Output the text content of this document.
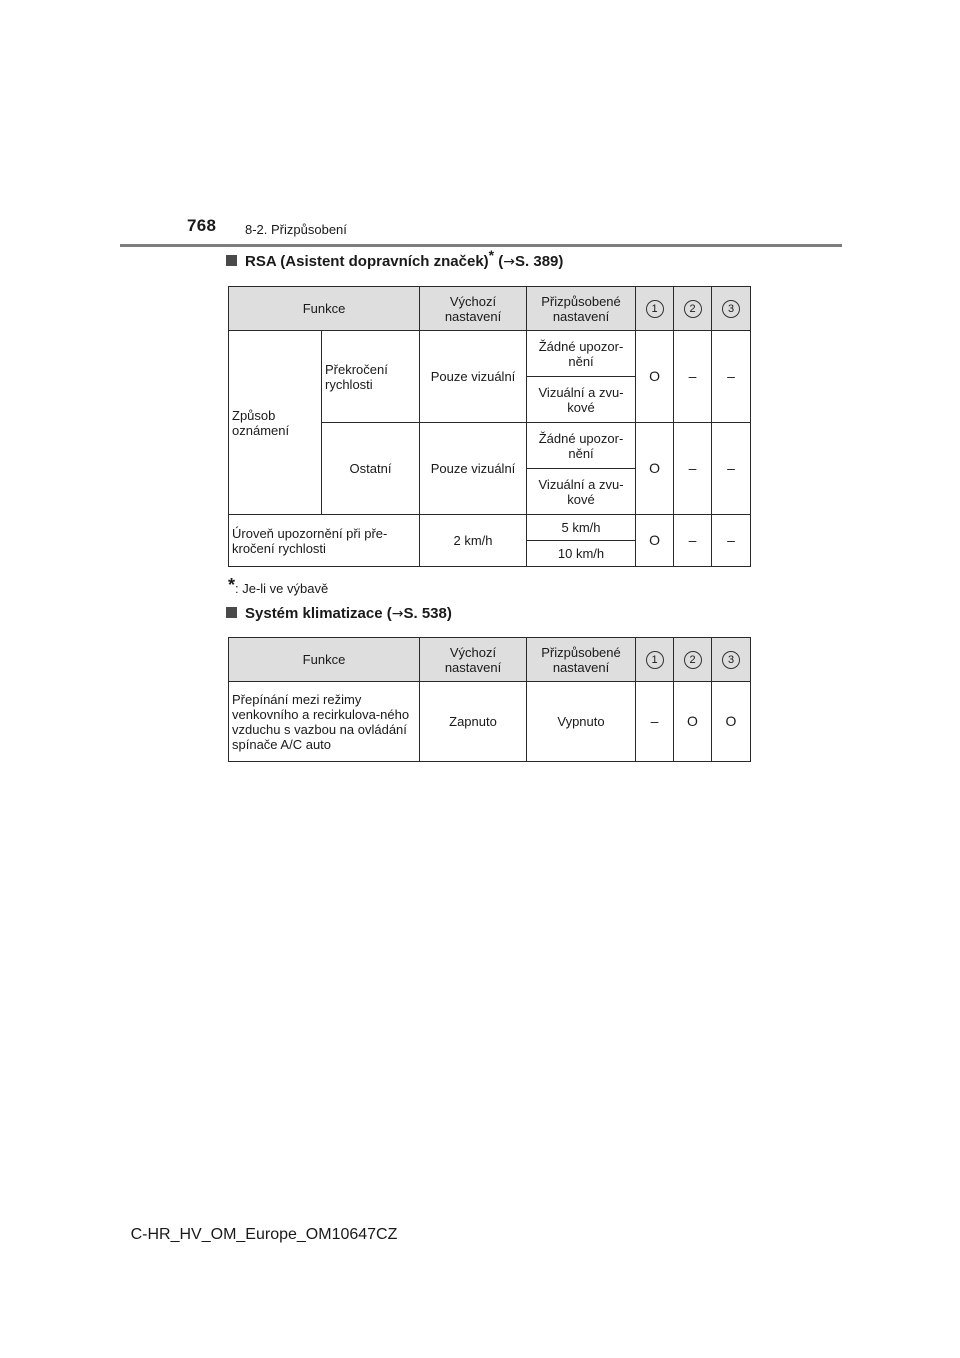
768 8-2. Přizpůsobení
RSA (Asistent dopravních značek)* (→S. 389)
Funkce		Výchozí nastavení	Přizpůsobené nastavení	1	2	3
Způsob oznámení	Překročení rychlosti	Pouze vizuální	Žádné upozor-nění	O	–	–
			Vizuální a zvu-kové			
	Ostatní	Pouze vizuální	Žádné upozor-nění	O	–	–
			Vizuální a zvu-kové			
Úroveň upozornění při pře-kročení rychlosti		2 km/h	5 km/h	O	–	–
			10 km/h			
*: Je-li ve výbavě
Systém klimatizace (→S. 538)
Funkce	Výchozí nastavení	Přizpůsobené nastavení	1	2	3
Přepínání mezi režimy venkovního a recirkulova-ného vzduchu s vazbou na ovládání spínače A/C auto	Zapnuto	Vypnuto	–	O	O
C-HR_HV_OM_Europe_OM10647CZ
